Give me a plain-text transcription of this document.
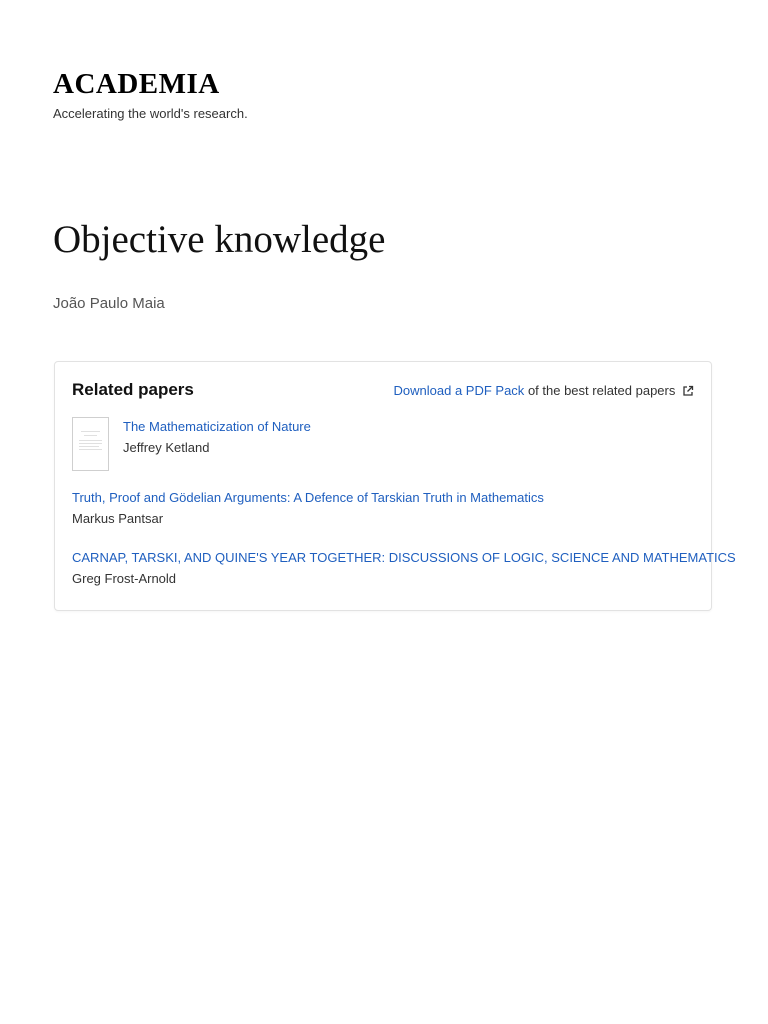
ACADEMIA
Accelerating the world's research.
Objective knowledge
João Paulo Maia
Related papers	Download a PDF Pack of the best related papers
The Mathematicization of Nature
Jeffrey Ketland
Truth, Proof and Gödelian Arguments: A Defence of Tarskian Truth in Mathematics
Markus Pantsar
CARNAP, TARSKI, AND QUINE'S YEAR TOGETHER: DISCUSSIONS OF LOGIC, SCIENCE AND MATHEMATICS
Greg Frost-Arnold
